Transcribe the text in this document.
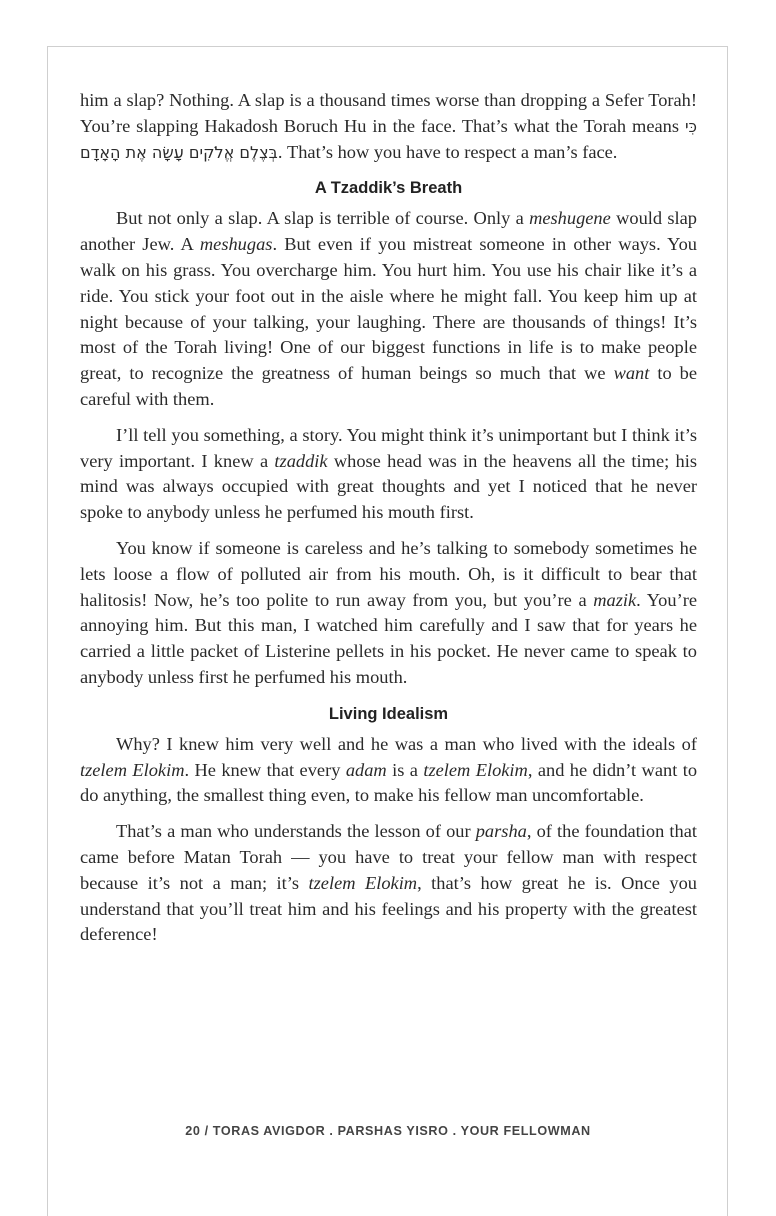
him a slap? Nothing. A slap is a thousand times worse than dropping a Sefer Torah! You’re slapping Hakadosh Boruch Hu in the face. That’s what the Torah means כִּי בְּצֶלֶם אֱלֹקִים עָשָׂה אֶת הָאָדָם. That’s how you have to respect a man’s face.

A Tzaddik’s Breath

But not only a slap. A slap is terrible of course. Only a meshugene would slap another Jew. A meshugas. But even if you mistreat someone in other ways. You walk on his grass. You overcharge him. You hurt him. You use his chair like it’s a ride. You stick your foot out in the aisle where he might fall. You keep him up at night because of your talking, your laughing. There are thousands of things! It’s most of the Torah living! One of our biggest functions in life is to make people great, to recognize the greatness of human beings so much that we want to be careful with them.

I’ll tell you something, a story. You might think it’s unimportant but I think it’s very important. I knew a tzaddik whose head was in the heavens all the time; his mind was always occupied with great thoughts and yet I noticed that he never spoke to anybody unless he perfumed his mouth first.

You know if someone is careless and he’s talking to somebody sometimes he lets loose a flow of polluted air from his mouth. Oh, is it difficult to bear that halitosis! Now, he’s too polite to run away from you, but you’re a mazik. You’re annoying him. But this man, I watched him carefully and I saw that for years he carried a little packet of Listerine pellets in his pocket. He never came to speak to anybody unless first he perfumed his mouth.

Living Idealism

Why? I knew him very well and he was a man who lived with the ideals of tzelem Elokim. He knew that every adam is a tzelem Elokim, and he didn’t want to do anything, the smallest thing even, to make his fellow man uncomfortable.

That’s a man who understands the lesson of our parsha, of the foundation that came before Matan Torah — you have to treat your fellow man with respect because it’s not a man; it’s tzelem Elokim, that’s how great he is. Once you understand that you’ll treat him and his feelings and his property with the greatest deference!

20 / TORAS AVIGDOR . PARSHAS YISRO . YOUR FELLOWMAN
